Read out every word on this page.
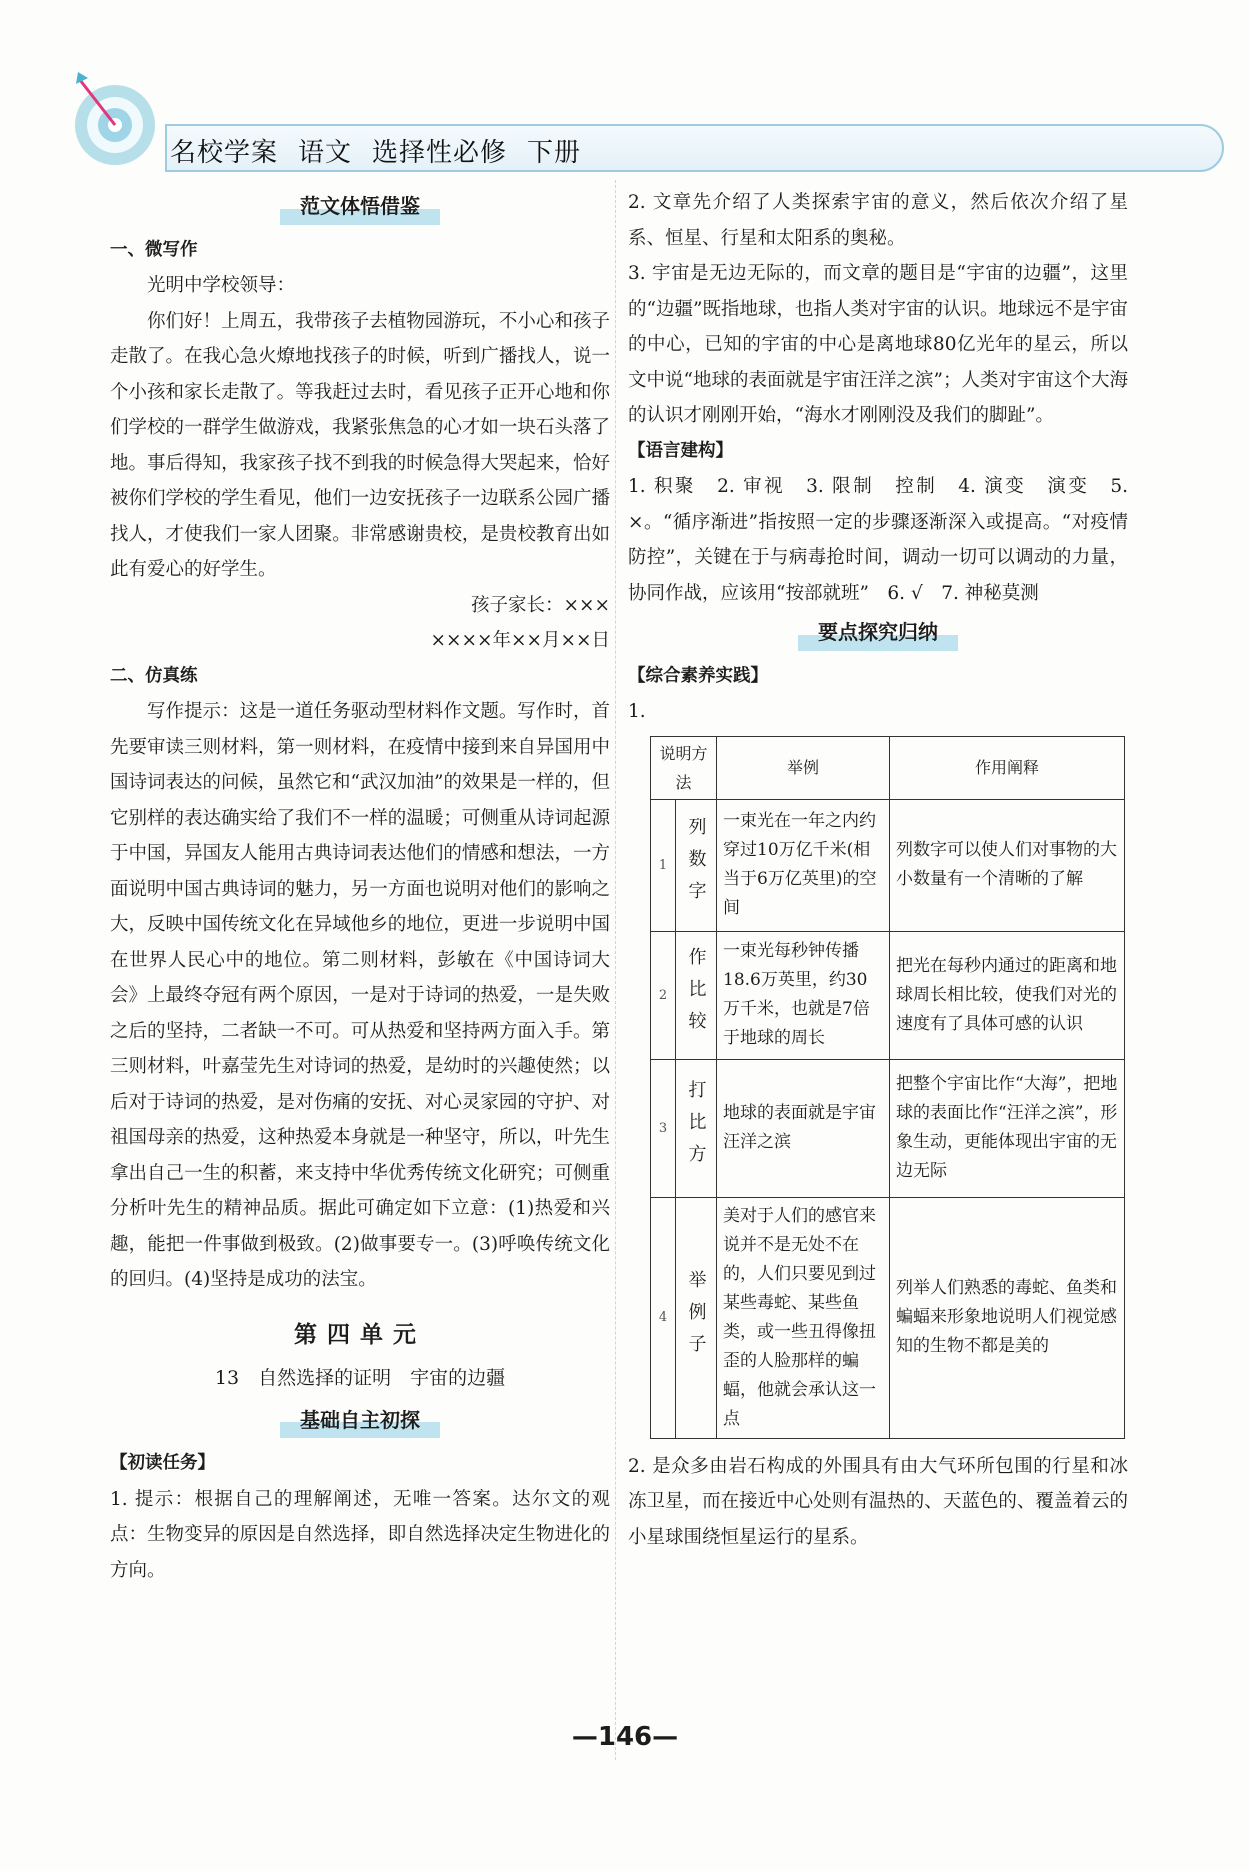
名校学案 语文 选择性必修 下册
范文体悟借鉴

一、微写作

光明中学校领导：

你们好！上周五，我带孩子去植物园游玩，不小心和孩子走散了。在我心急火燎地找孩子的时候，听到广播找人，说一个小孩和家长走散了。等我赶过去时，看见孩子正开心地和你们学校的一群学生做游戏，我紧张焦急的心才如一块石头落了地。事后得知，我家孩子找不到我的时候急得大哭起来，恰好被你们学校的学生看见，他们一边安抚孩子一边联系公园广播找人，才使我们一家人团聚。非常感谢贵校，是贵校教育出如此有爱心的好学生。

孩子家长：×××

××××年××月××日

二、仿真练

写作提示：这是一道任务驱动型材料作文题。写作时，首先要审读三则材料，第一则材料，在疫情中接到来自异国用中国诗词表达的问候，虽然它和“武汉加油”的效果是一样的，但它别样的表达确实给了我们不一样的温暖；可侧重从诗词起源于中国，异国友人能用古典诗词表达他们的情感和想法，一方面说明中国古典诗词的魅力，另一方面也说明对他们的影响之大，反映中国传统文化在异域他乡的地位，更进一步说明中国在世界人民心中的地位。第二则材料，彭敏在《中国诗词大会》上最终夺冠有两个原因，一是对于诗词的热爱，一是失败之后的坚持，二者缺一不可。可从热爱和坚持两方面入手。第三则材料，叶嘉莹先生对诗词的热爱，是幼时的兴趣使然；以后对于诗词的热爱，是对伤痛的安抚、对心灵家园的守护、对祖国母亲的热爱，这种热爱本身就是一种坚守，所以，叶先生拿出自己一生的积蓄，来支持中华优秀传统文化研究；可侧重分析叶先生的精神品质。据此可确定如下立意：(1)热爱和兴趣，能把一件事做到极致。(2)做事要专一。(3)呼唤传统文化的回归。(4)坚持是成功的法宝。

第四单元
13　自然选择的证明　宇宙的边疆
基础自主初探

【初读任务】

1. 提示：根据自己的理解阐述，无唯一答案。达尔文的观点：生物变异的原因是自然选择，即自然选择决定生物进化的方向。

2. 文章先介绍了人类探索宇宙的意义，然后依次介绍了星系、恒星、行星和太阳系的奥秘。

3. 宇宙是无边无际的，而文章的题目是“宇宙的边疆”，这里的“边疆”既指地球，也指人类对宇宙的认识。地球远不是宇宙的中心，已知的宇宙的中心是离地球80亿光年的星云，所以文中说“地球的表面就是宇宙汪洋之滨”；人类对宇宙这个大海的认识才刚刚开始，“海水才刚刚没及我们的脚趾”。

【语言建构】

1. 积聚　2. 审视　3. 限制　控制　4. 演变　演变　5. ×。“循序渐进”指按照一定的步骤逐渐深入或提高。“对疫情防控”，关键在于与病毒抢时间，调动一切可以调动的力量，协同作战，应该用“按部就班”　6. √　7. 神秘莫测

要点探究归纳

【综合素养实践】

1.

说明方法		举例	作用阐释
1	列数字	一束光在一年之内约穿过10万亿千米(相当于6万亿英里)的空间	列数字可以使人们对事物的大小数量有一个清晰的了解
2	作比较	一束光每秒钟传播18.6万英里，约30万千米，也就是7倍于地球的周长	把光在每秒内通过的距离和地球周长相比较，使我们对光的速度有了具体可感的认识
3	打比方	地球的表面就是宇宙汪洋之滨	把整个宇宙比作“大海”，把地球的表面比作“汪洋之滨”，形象生动，更能体现出宇宙的无边无际
4	举例子	美对于人们的感官来说并不是无处不在的，人们只要见到过某些毒蛇、某些鱼类，或一些丑得像扭歪的人脸那样的蝙蝠，他就会承认这一点	列举人们熟悉的毒蛇、鱼类和蝙蝠来形象地说明人们视觉感知的生物不都是美的

2. 是众多由岩石构成的外围具有由大气环所包围的行星和冰冻卫星，而在接近中心处则有温热的、天蓝色的、覆盖着云的小星球围绕恒星运行的星系。

—146—
